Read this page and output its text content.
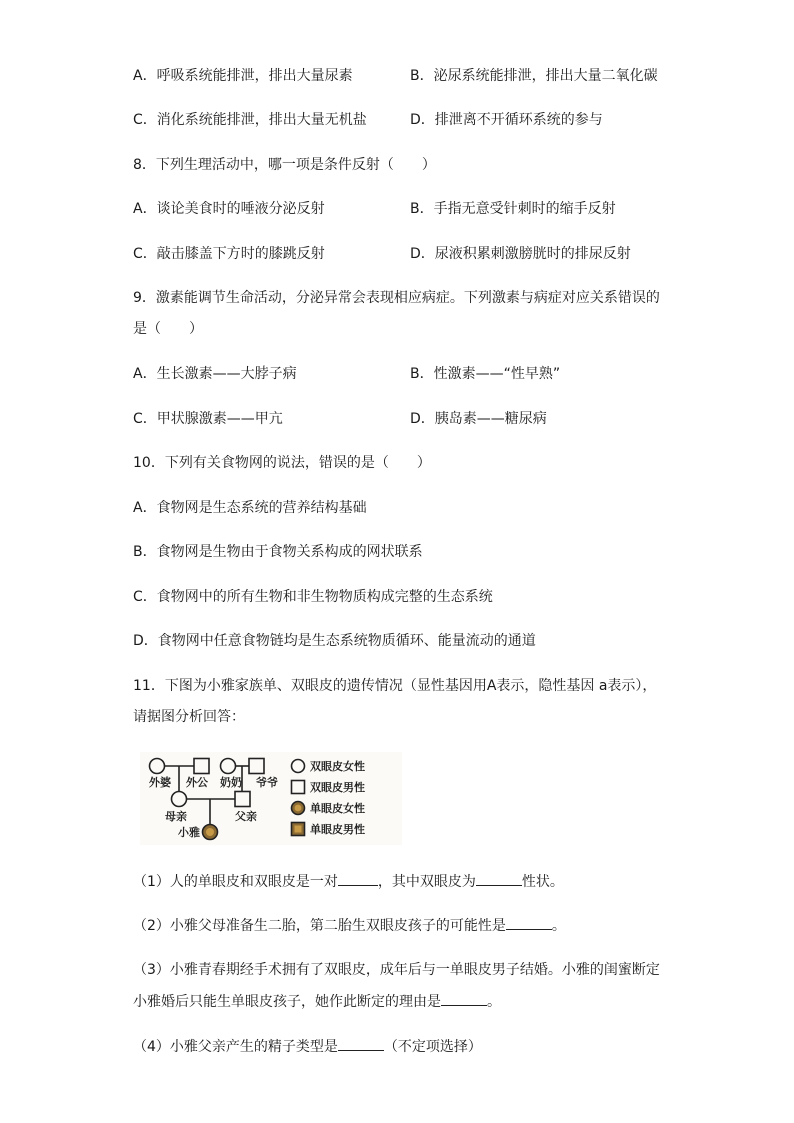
A．呼吸系统能排泄，排出大量尿素	B．泌尿系统能排泄，排出大量二氧化碳
C．消化系统能排泄，排出大量无机盐	D．排泄离不开循环系统的参与
8．下列生理活动中，哪一项是条件反射（　　）
A．谈论美食时的唾液分泌反射	B．手指无意受针刺时的缩手反射
C．敲击膝盖下方时的膝跳反射	D．尿液积累刺激膀胱时的排尿反射
9．激素能调节生命活动，分泌异常会表现相应病症。下列激素与病症对应关系错误的
是（　　）
A．生长激素——大脖子病	B．性激素——“性早熟”
C．甲状腺激素——甲亢	D．胰岛素——糖尿病
10．下列有关食物网的说法，错误的是（　　）
A．食物网是生态系统的营养结构基础
B．食物网是生物由于食物关系构成的网状联系
C．食物网中的所有生物和非生物物质构成完整的生态系统
D．食物网中任意食物链均是生态系统物质循环、能量流动的通道
11．下图为小雅家族单、双眼皮的遗传情况（显性基因用A表示，隐性基因 a表示），
请据图分析回答：
外婆 外公 奶奶 爷爷
母亲	父亲
小雅
双眼皮女性
双眼皮男性
单眼皮女性
单眼皮男性
（1）人的单眼皮和双眼皮是一对	，其中双眼皮为	性状。
（2）小雅父母准备生二胎，第二胎生双眼皮孩子的可能性是	。
（3）小雅青春期经手术拥有了双眼皮，成年后与一单眼皮男子结婚。小雅的闺蜜断定
小雅婚后只能生单眼皮孩子，她作此断定的理由是	。
（4）小雅父亲产生的精子类型是	（不定项选择）
